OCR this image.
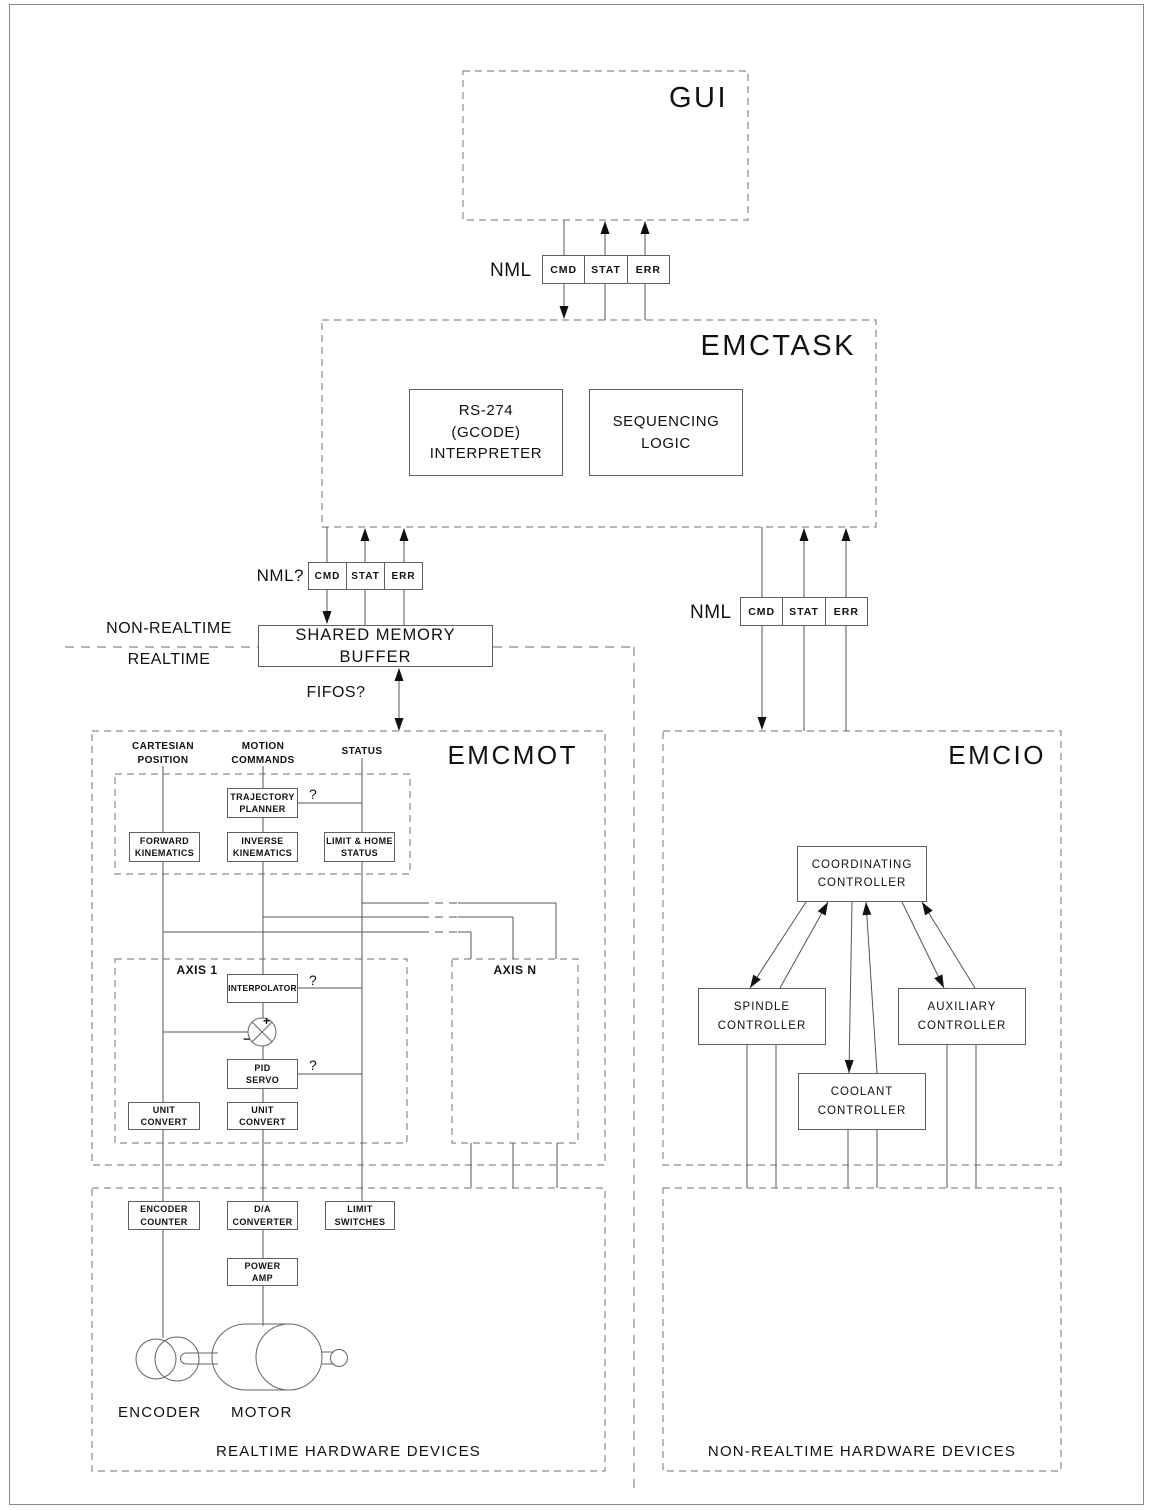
GUI
EMCTASK
EMCMOT	EMCIO
NML	CMD	STAT	ERR
NML?	CMD	STAT	ERR
NML	CMD	STAT	ERR
RS-274
(GCODE)
INTERPRETER
SEQUENCING
LOGIC
SHARED MEMORY BUFFER
NON-REALTIME
REALTIME
FIFOS?
CARTESIAN
POSITION
MOTION
COMMANDS
STATUS
TRAJECTORY
PLANNER
FORWARD
KINEMATICS
INVERSE
KINEMATICS
LIMIT & HOME
STATUS
?
AXIS 1
INTERPOLATOR ?
+
−
PID
SERVO
?
UNIT
CONVERT
UNIT
CONVERT
AXIS N
COORDINATING
CONTROLLER
SPINDLE
CONTROLLER
AUXILIARY
CONTROLLER
COOLANT
CONTROLLER
ENCODER
COUNTER
D/A
CONVERTER
LIMIT
SWITCHES
POWER
AMP
ENCODER	MOTOR
REALTIME HARDWARE DEVICES	NON-REALTIME HARDWARE DEVICES
